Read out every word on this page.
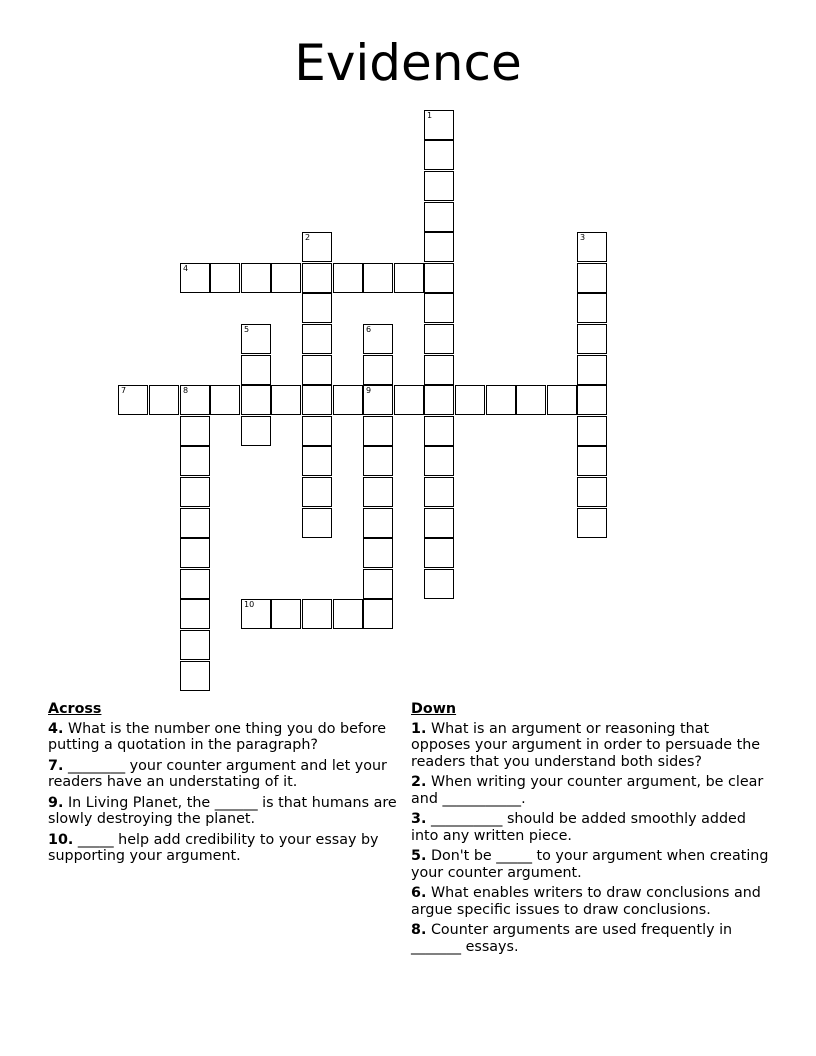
Evidence
1
2	3
4
5	6
7	8	9
10
Across
4. What is the number one thing you do before putting a quotation in the paragraph?
7. ________ your counter argument and let your readers have an understating of it.
9. In Living Planet, the ______ is that humans are slowly destroying the planet.
10. _____ help add credibility to your essay by supporting your argument.
Down
1. What is an argument or reasoning that opposes your argument in order to persuade the readers that you understand both sides?
2. When writing your counter argument, be clear and ___________.
3. __________ should be added smoothly added into any written piece.
5. Don't be _____ to your argument when creating your counter argument.
6. What enables writers to draw conclusions and argue specific issues to draw conclusions.
8. Counter arguments are used frequently in _______ essays.
